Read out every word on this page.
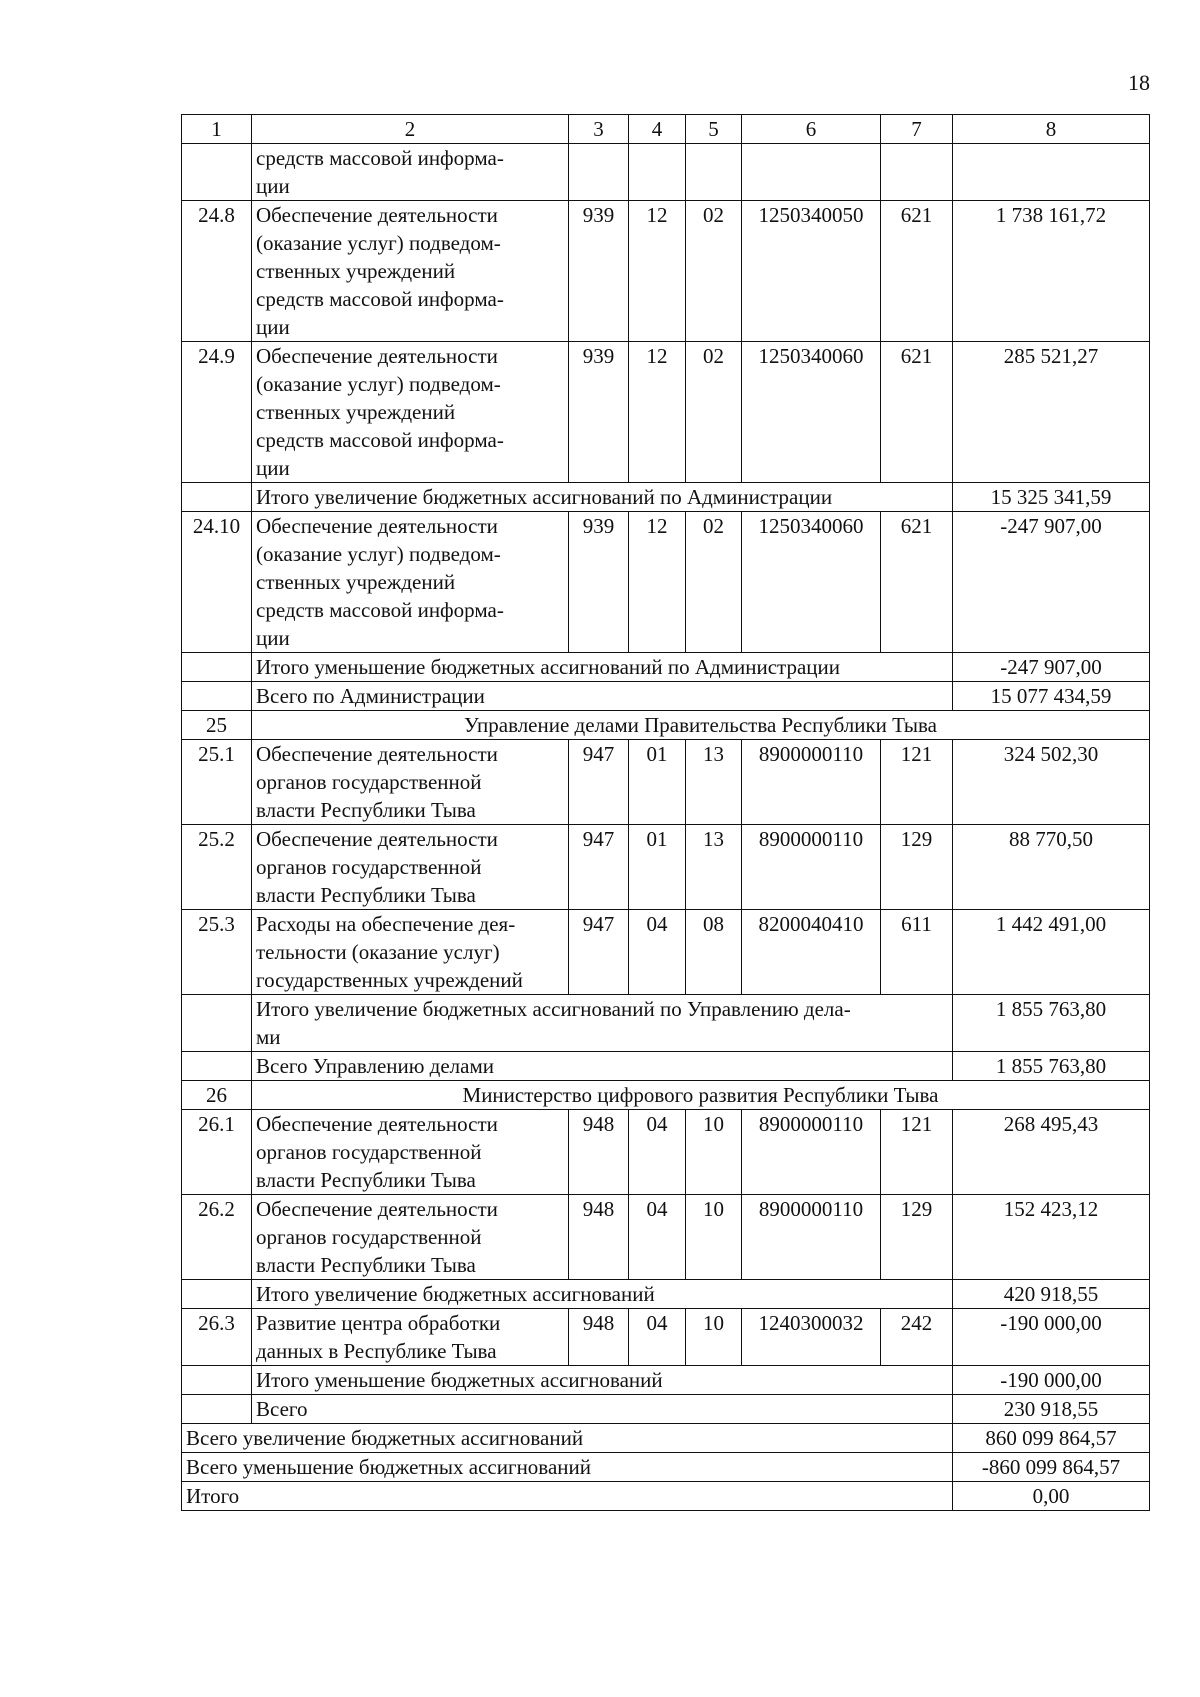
18
1	2	3	4	5	6	7	8
	средств массовой информа-
ции						
24.8	Обеспечение деятельности
(оказание услуг) подведом-
ственных учреждений
средств массовой информа-
ции	939	12	02	1250340050	621	1 738 161,72
24.9	Обеспечение деятельности
(оказание услуг) подведом-
ственных учреждений
средств массовой информа-
ции	939	12	02	1250340060	621	285 521,27
	Итого увеличение бюджетных ассигнований по Администрации						15 325 341,59
24.10	Обеспечение деятельности
(оказание услуг) подведом-
ственных учреждений
средств массовой информа-
ции	939	12	02	1250340060	621	-247 907,00
	Итого уменьшение бюджетных ассигнований по Администрации						-247 907,00
	Всего по Администрации						15 077 434,59
25	Управление делами Правительства Республики Тыва						
25.1	Обеспечение деятельности
органов государственной
власти Республики Тыва	947	01	13	8900000110	121	324 502,30
25.2	Обеспечение деятельности
органов государственной
власти Республики Тыва	947	01	13	8900000110	129	88 770,50
25.3	Расходы на обеспечение дея-
тельности (оказание услуг)
государственных учреждений	947	04	08	8200040410	611	1 442 491,00
	Итого увеличение бюджетных ассигнований по Управлению дела-
ми						1 855 763,80
	Всего Управлению делами						1 855 763,80
26	Министерство цифрового развития Республики Тыва						
26.1	Обеспечение деятельности
органов государственной
власти Республики Тыва	948	04	10	8900000110	121	268 495,43
26.2	Обеспечение деятельности
органов государственной
власти Республики Тыва	948	04	10	8900000110	129	152 423,12
	Итого увеличение бюджетных ассигнований						420 918,55
26.3	Развитие центра обработки
данных в Республике Тыва	948	04	10	1240300032	242	-190 000,00
	Итого уменьшение бюджетных ассигнований						-190 000,00
	Всего						230 918,55
Всего увеличение бюджетных ассигнований							860 099 864,57
Всего уменьшение бюджетных ассигнований							-860 099 864,57
Итого							0,00
